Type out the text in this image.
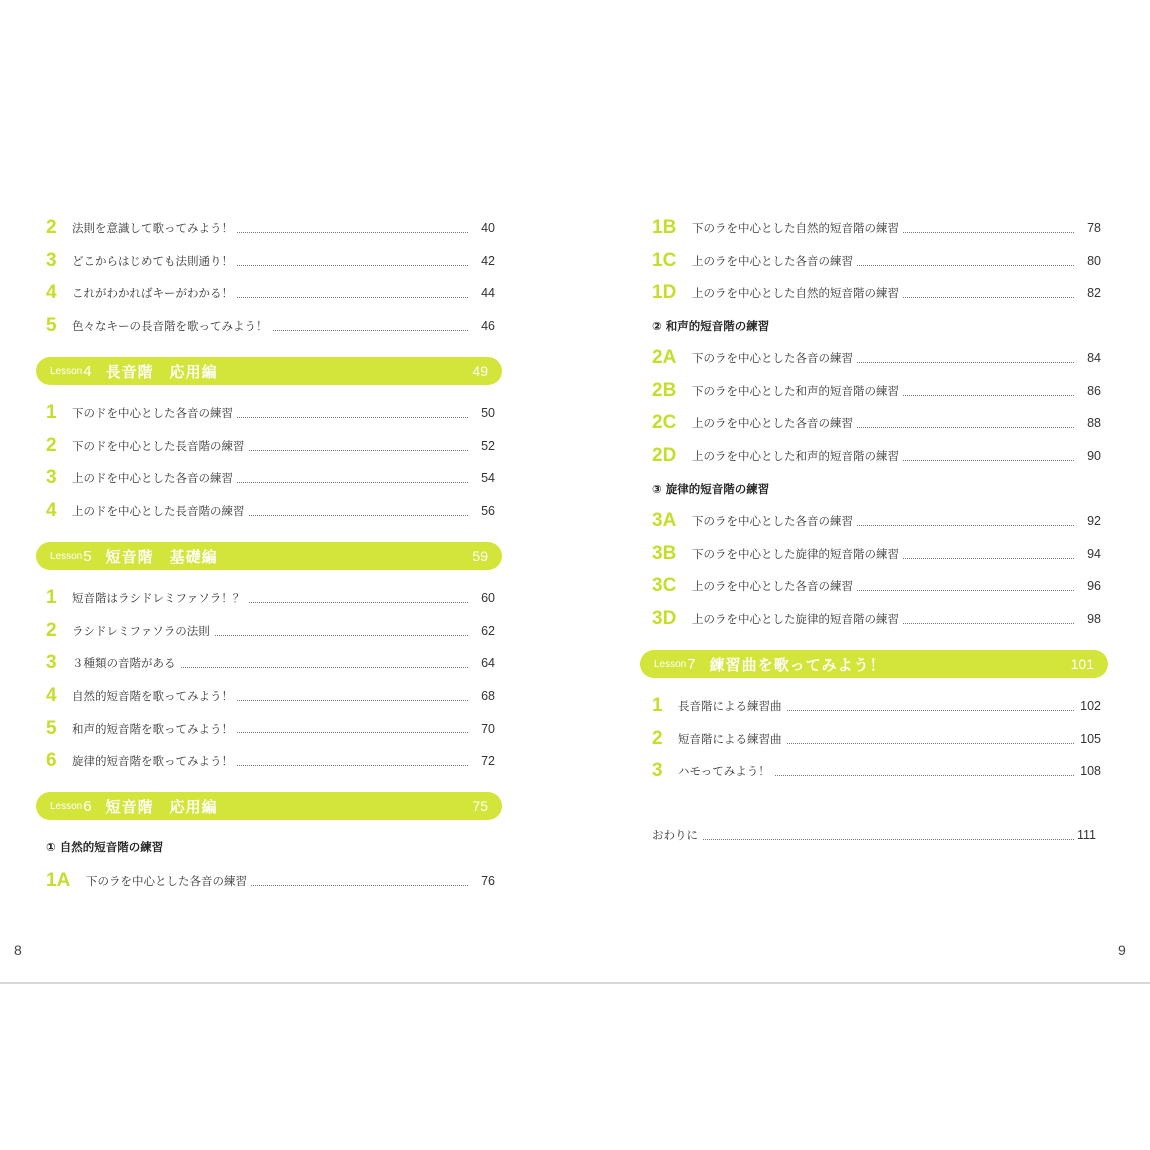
2 法則を意識して歌ってみよう！	40
3 どこからはじめても法則通り！	42
4 これがわかればキーがわかる！	44
5 色々なキーの長音階を歌ってみよう！	46
Lesson 4 長音階　応用編	49
1 下のドを中心とした各音の練習	50
2 下のドを中心とした長音階の練習	52
3 上のドを中心とした各音の練習	54
4 上のドを中心とした長音階の練習	56
Lesson 5 短音階　基礎編	59
1 短音階はラシドレミファソラ！？	60
2 ラシドレミファソラの法則	62
3 ３種類の音階がある	64
4 自然的短音階を歌ってみよう！	68
5 和声的短音階を歌ってみよう！	70
6 旋律的短音階を歌ってみよう！	72
Lesson 6 短音階　応用編	75
① 自然的短音階の練習
1A 下のラを中心とした各音の練習	76
8
1B 下のラを中心とした自然的短音階の練習	78
1C 上のラを中心とした各音の練習	80
1D 上のラを中心とした自然的短音階の練習	82
② 和声的短音階の練習
2A 下のラを中心とした各音の練習	84
2B 下のラを中心とした和声的短音階の練習	86
2C 上のラを中心とした各音の練習	88
2D 上のラを中心とした和声的短音階の練習	90
③ 旋律的短音階の練習
3A 下のラを中心とした各音の練習	92
3B 下のラを中心とした旋律的短音階の練習	94
3C 上のラを中心とした各音の練習	96
3D 上のラを中心とした旋律的短音階の練習	98
Lesson 7 練習曲を歌ってみよう！	101
1 長音階による練習曲	102
2 短音階による練習曲	105
3 ハモってみよう！	108
おわりに	111
9
